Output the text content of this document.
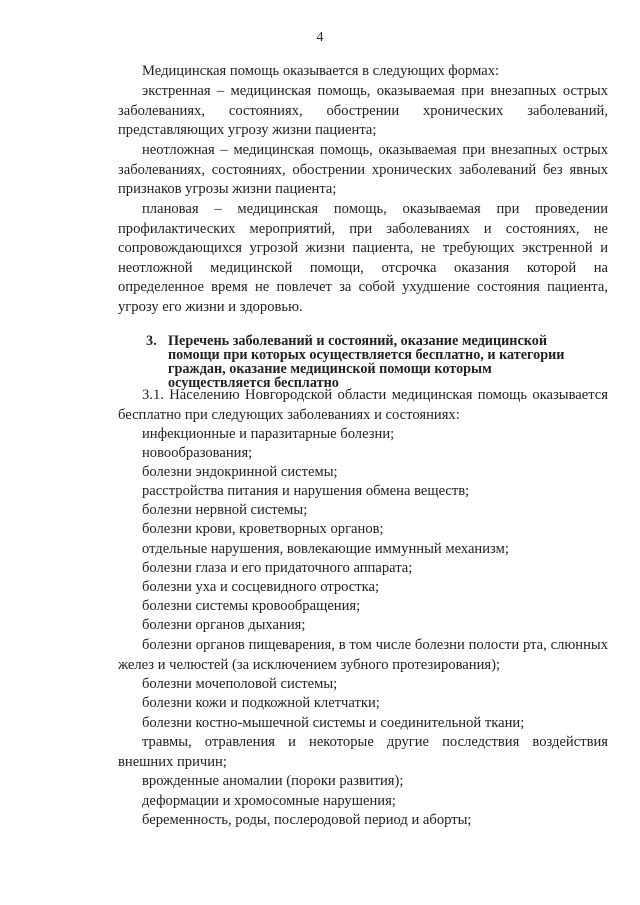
4
Медицинская помощь оказывается в следующих формах:
экстренная – медицинская помощь, оказываемая при внезапных острых заболеваниях, состояниях, обострении хронических заболеваний, представляющих угрозу жизни пациента;
неотложная – медицинская помощь, оказываемая при внезапных острых заболеваниях, состояниях, обострении хронических заболеваний без явных признаков угрозы жизни пациента;
плановая – медицинская помощь, оказываемая при проведении профилактических мероприятий, при заболеваниях и состояниях, не сопровождающихся угрозой жизни пациента, не требующих экстренной и неотложной медицинской помощи, отсрочка оказания которой на определенное время не повлечет за собой ухудшение состояния пациента, угрозу его жизни и здоровью.
3. Перечень заболеваний и состояний, оказание медицинской помощи при которых осуществляется бесплатно, и категории граждан, оказание медицинской помощи которым осуществляется бесплатно
3.1. Населению Новгородской области медицинская помощь оказывается бесплатно при следующих заболеваниях и состояниях:
инфекционные и паразитарные болезни;
новообразования;
болезни эндокринной системы;
расстройства питания и нарушения обмена веществ;
болезни нервной системы;
болезни крови, кроветворных органов;
отдельные нарушения, вовлекающие иммунный механизм;
болезни глаза и его придаточного аппарата;
болезни уха и сосцевидного отростка;
болезни системы кровообращения;
болезни органов дыхания;
болезни органов пищеварения, в том числе болезни полости рта, слюнных желез и челюстей (за исключением зубного протезирования);
болезни мочеполовой системы;
болезни кожи и подкожной клетчатки;
болезни костно-мышечной системы и соединительной ткани;
травмы, отравления и некоторые другие последствия воздействия внешних причин;
врожденные аномалии (пороки развития);
деформации и хромосомные нарушения;
беременность, роды, послеродовой период и аборты;
